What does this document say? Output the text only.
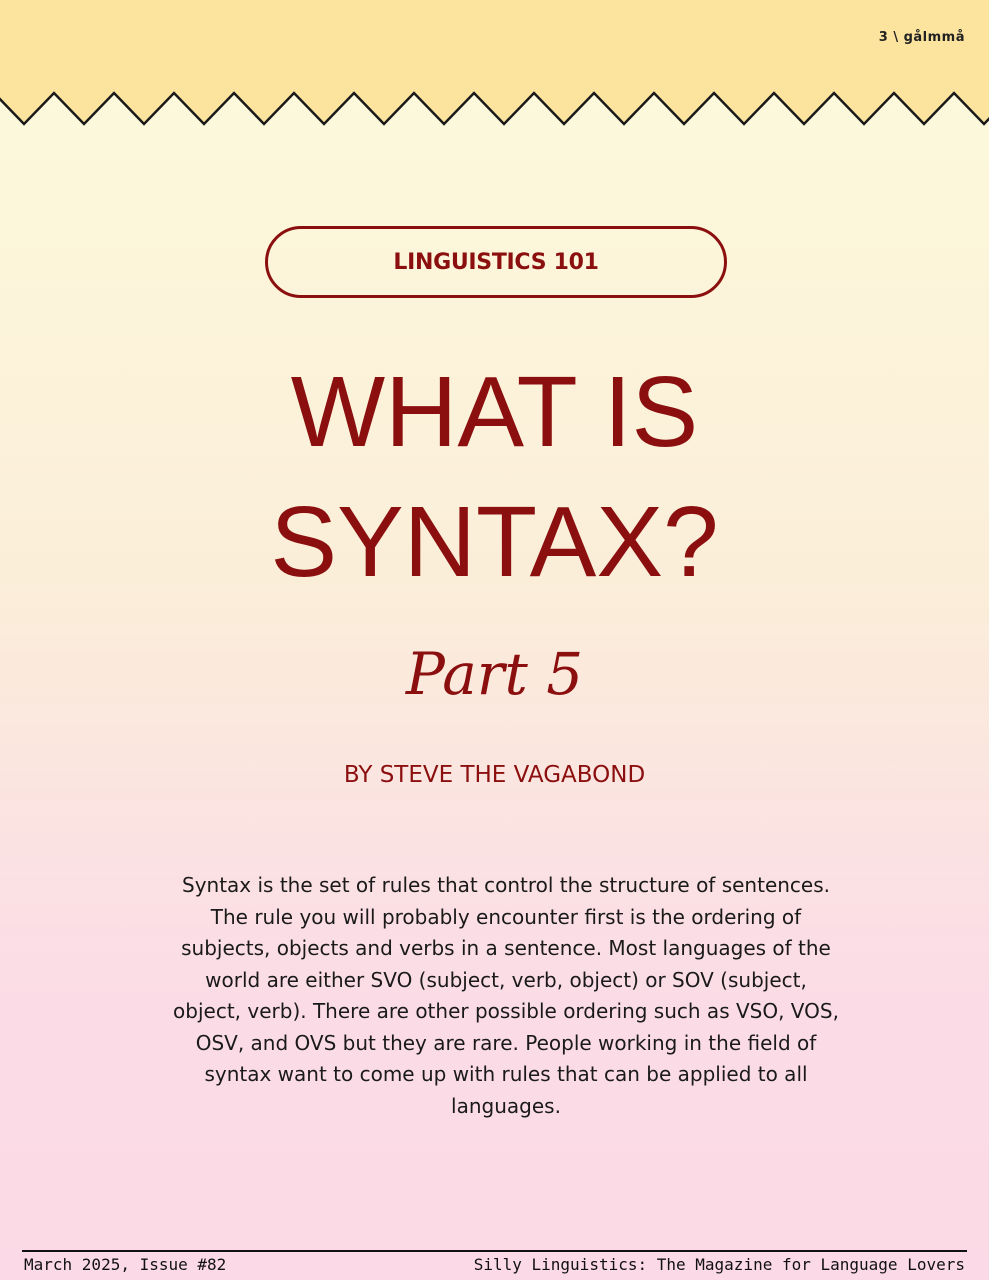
3 \ gålmmå
LINGUISTICS 101
WHAT IS
SYNTAX?
Part 5
BY STEVE THE VAGABOND

Syntax is the set of rules that control the structure of sentences. The rule you will probably encounter first is the ordering of subjects, objects and verbs in a sentence. Most languages of the world are either SVO (subject, verb, object) or SOV (subject, object, verb). There are other possible ordering such as VSO, VOS, OSV, and OVS but they are rare. People working in the field of syntax want to come up with rules that can be applied to all languages.

March 2025, Issue #82	Silly Linguistics: The Magazine for Language Lovers
